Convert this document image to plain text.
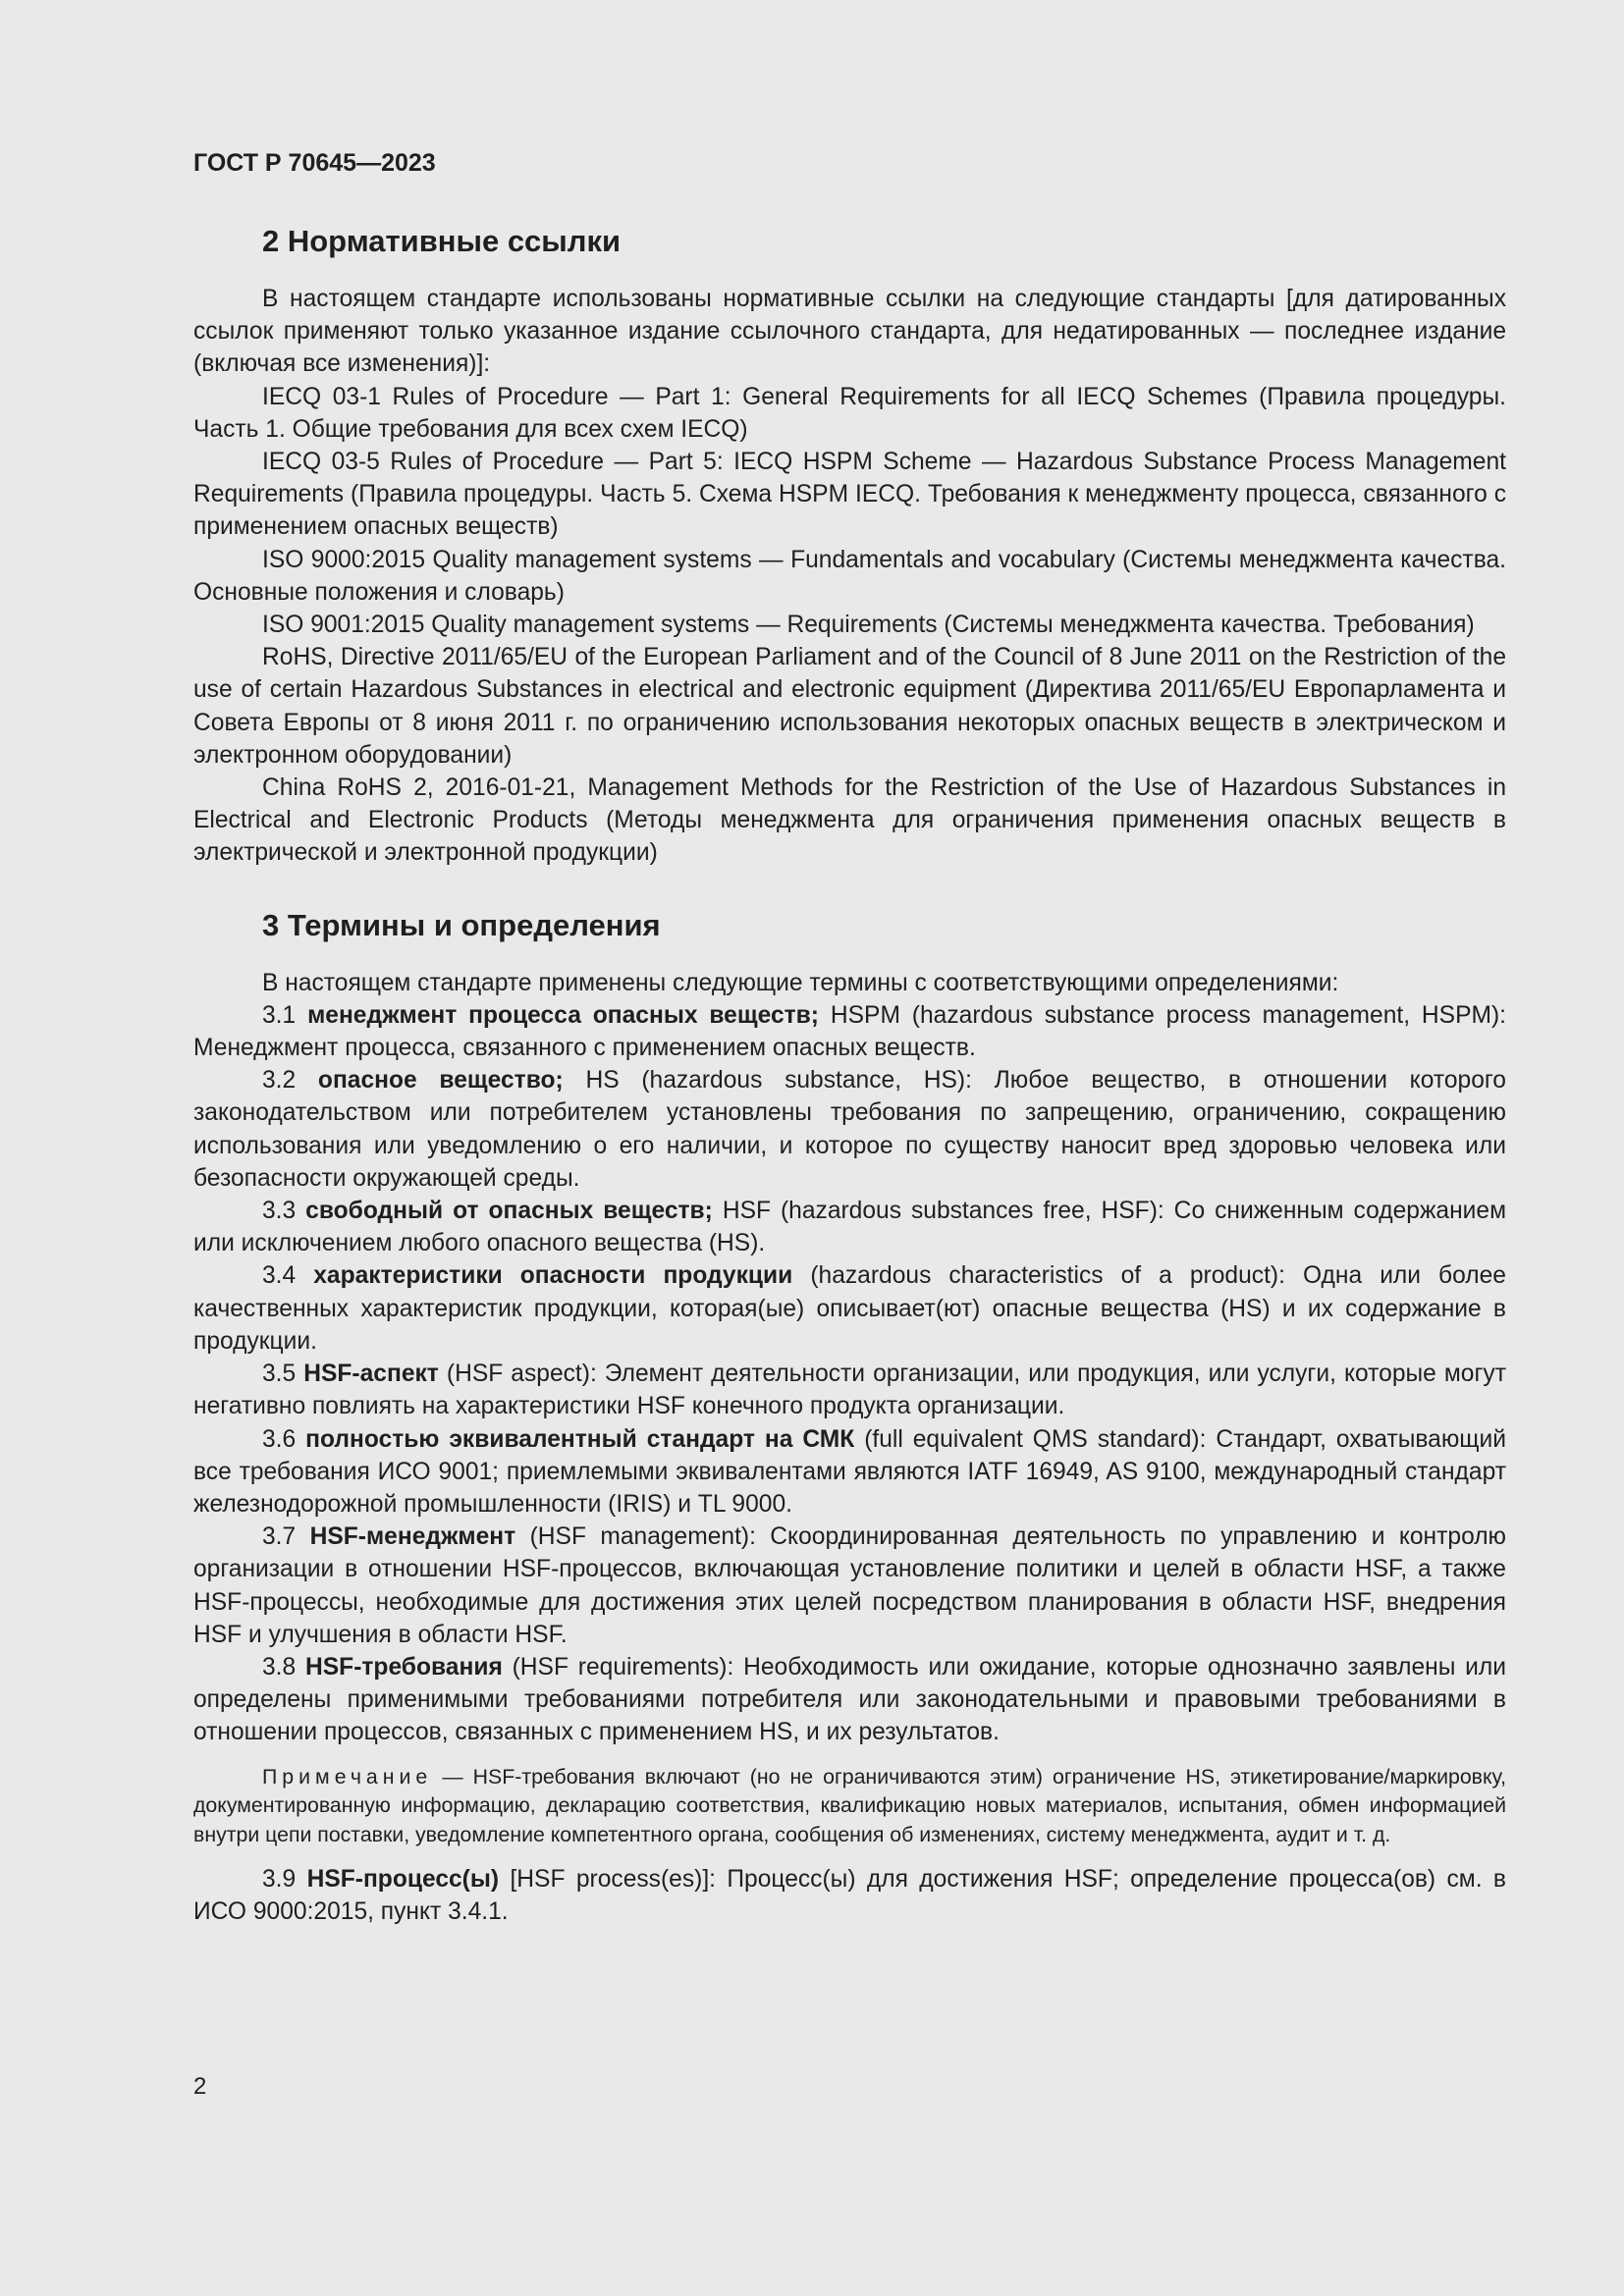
ГОСТ Р 70645—2023
2 Нормативные ссылки

В настоящем стандарте использованы нормативные ссылки на следующие стандарты [для датированных ссылок применяют только указанное издание ссылочного стандарта, для недатированных — последнее издание (включая все изменения)]:

IECQ 03-1 Rules of Procedure — Part 1: General Requirements for all IECQ Schemes (Правила процедуры. Часть 1. Общие требования для всех схем IECQ)

IECQ 03-5 Rules of Procedure — Part 5: IECQ HSPM Scheme — Hazardous Substance Process Management Requirements (Правила процедуры. Часть 5. Схема HSPM IECQ. Требования к менеджменту процесса, связанного с применением опасных веществ)

ISO 9000:2015 Quality management systems — Fundamentals and vocabulary (Системы менеджмента качества. Основные положения и словарь)

ISO 9001:2015 Quality management systems — Requirements (Системы менеджмента качества. Требования)

RoHS, Directive 2011/65/EU of the European Parliament and of the Council of 8 June 2011 on the Restriction of the use of certain Hazardous Substances in electrical and electronic equipment (Директива 2011/65/EU Европарламента и Совета Европы от 8 июня 2011 г. по ограничению использования некоторых опасных веществ в электрическом и электронном оборудовании)

China RoHS 2, 2016-01-21, Management Methods for the Restriction of the Use of Hazardous Substances in Electrical and Electronic Products (Методы менеджмента для ограничения применения опасных веществ в электрической и электронной продукции)

3 Термины и определения

В настоящем стандарте применены следующие термины с соответствующими определениями:

3.1 менеджмент процесса опасных веществ; HSPM (hazardous substance process management, HSPM): Менеджмент процесса, связанного с применением опасных веществ.

3.2 опасное вещество; HS (hazardous substance, HS): Любое вещество, в отношении которого законодательством или потребителем установлены требования по запрещению, ограничению, сокращению использования или уведомлению о его наличии, и которое по существу наносит вред здоровью человека или безопасности окружающей среды.

3.3 свободный от опасных веществ; HSF (hazardous substances free, HSF): Со сниженным содержанием или исключением любого опасного вещества (HS).

3.4 характеристики опасности продукции (hazardous characteristics of a product): Одна или более качественных характеристик продукции, которая(ые) описывает(ют) опасные вещества (HS) и их содержание в продукции.

3.5 HSF-аспект (HSF aspect): Элемент деятельности организации, или продукция, или услуги, которые могут негативно повлиять на характеристики HSF конечного продукта организации.

3.6 полностью эквивалентный стандарт на СМК (full equivalent QMS standard): Стандарт, охватывающий все требования ИСО 9001; приемлемыми эквивалентами являются IATF 16949, AS 9100, международный стандарт железнодорожной промышленности (IRIS) и TL 9000.

3.7 HSF-менеджмент (HSF management): Скоординированная деятельность по управлению и контролю организации в отношении HSF-процессов, включающая установление политики и целей в области HSF, а также HSF-процессы, необходимые для достижения этих целей посредством планирования в области HSF, внедрения HSF и улучшения в области HSF.

3.8 HSF-требования (HSF requirements): Необходимость или ожидание, которые однозначно заявлены или определены применимыми требованиями потребителя или законодательными и правовыми требованиями в отношении процессов, связанных с применением HS, и их результатов.

Примечание — HSF-требования включают (но не ограничиваются этим) ограничение HS, этикетирование/маркировку, документированную информацию, декларацию соответствия, квалификацию новых материалов, испытания, обмен информацией внутри цепи поставки, уведомление компетентного органа, сообщения об изменениях, систему менеджмента, аудит и т. д.

3.9 HSF-процесс(ы) [HSF process(es)]: Процесс(ы) для достижения HSF; определение процесса(ов) см. в ИСО 9000:2015, пункт 3.4.1.

2
